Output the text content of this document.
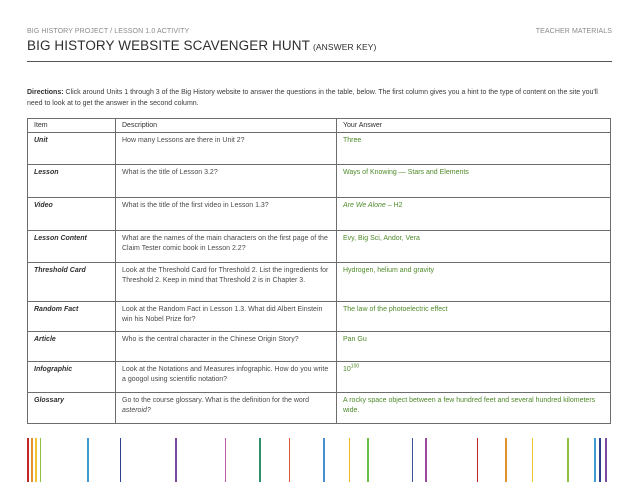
BIG HISTORY PROJECT / LESSON 1.0 ACTIVITY	TEACHER MATERIALS
BIG HISTORY WEBSITE SCAVENGER HUNT (ANSWER KEY)
Directions: Click around Units 1 through 3 of the Big History website to answer the questions in the table, below. The first column gives you a hint to the type of content on the site you'll need to look at to get the answer in the second column.
Item	Description	Your Answer
Unit	How many Lessons are there in Unit 2?	Three
Lesson	What is the title of Lesson 3.2?	Ways of Knowing — Stars and Elements
Video	What is the title of the first video in Lesson 1.3?	Are We Alone – H2
Lesson Content	What are the names of the main characters on the first page of the Claim Tester comic book in Lesson 2.2?	Evy, Big Sci, Andor, Vera
Threshold Card	Look at the Threshold Card for Threshold 2. List the ingredients for Threshold 2. Keep in mind that Threshold 2 is in Chapter 3.	Hydrogen, helium and gravity
Random Fact	Look at the Random Fact in Lesson 1.3. What did Albert Einstein win his Nobel Prize for?	The law of the photoelectric effect
Article	Who is the central character in the Chinese Origin Story?	Pan Gu
Infographic	Look at the Notations and Measures infographic. How do you write a googol using scientific notation?	$10^{100}$
Glossary	Go to the course glossary. What is the definition for the word asteroid?	A rocky space object between a few hundred feet and several hundred kilometers wide.
